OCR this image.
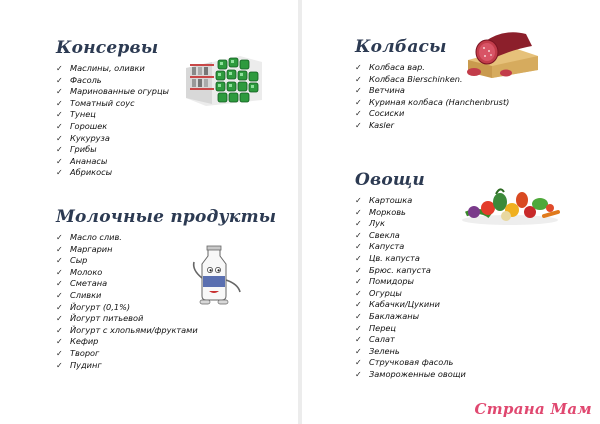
Консервы
✓ Маслины, оливки
✓ Фасоль
✓ Маринованные огурцы
✓ Томатный соус
✓ Тунец
✓ Горошек
✓ Кукуруза
✓ Грибы
✓ Ананасы
✓ Абрикосы
Молочные продукты
✓ Масло слив.
✓ Маргарин
✓ Сыр
✓ Молоко
✓ Сметана
✓ Сливки
✓ Йогурт (0,1%)
✓ Йогурт питьевой
✓ Йогурт с хлопьями/фруктами
✓ Кефир
✓ Творог
✓ Пудинг
Колбасы
✓ Колбаса вар.
✓ Колбаса Bierschinken.
✓ Ветчина
✓ Куриная колбаса (Hanchenbrust)
✓ Сосиски
✓ Kasler
Овощи
✓ Картошка
✓ Морковь
✓ Лук
✓ Свекла
✓ Капуста
✓ Цв. капуста
✓ Брюс. капуста
✓ Помидоры
✓ Огурцы
✓ Кабачки/Цукини
✓ Баклажаны
✓ Перец
✓ Салат
✓ Зелень
✓ Стручковая фасоль
✓ Замороженные овощи
Страна Мам
